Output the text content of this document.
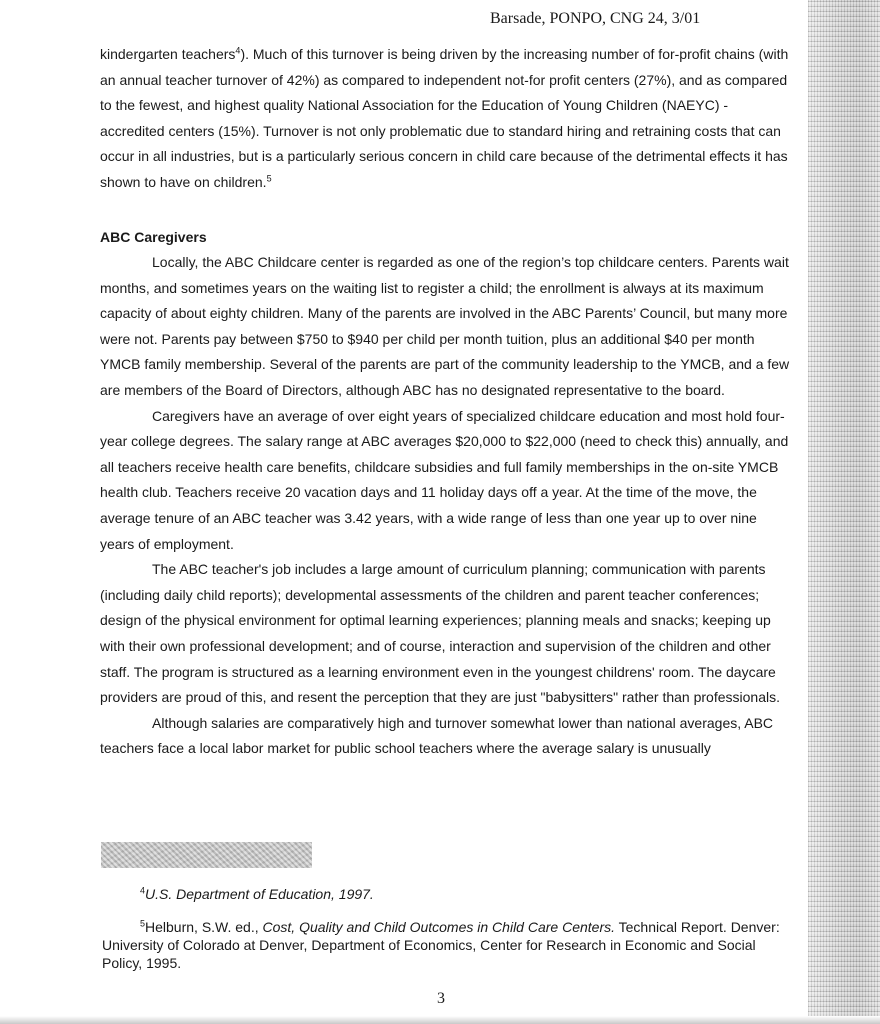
Barsade, PONPO, CNG 24, 3/01

kindergarten teachers$^4$). Much of this turnover is being driven by the increasing number of for-profit chains (with an annual teacher turnover of 42%) as compared to independent not-for profit centers (27%), and as compared to the fewest, and highest quality National Association for the Education of Young Children (NAEYC) -accredited centers (15%). Turnover is not only problematic due to standard hiring and retraining costs that can occur in all industries, but is a particularly serious concern in child care because of the detrimental effects it has shown to have on children.$^5$

ABC Caregivers

Locally, the ABC Childcare center is regarded as one of the region’s top childcare centers. Parents wait months, and sometimes years on the waiting list to register a child; the enrollment is always at its maximum capacity of about eighty children. Many of the parents are involved in the ABC Parents’ Council, but many more were not. Parents pay between $750 to $940 per child per month tuition, plus an additional $40 per month YMCB family membership. Several of the parents are part of the community leadership to the YMCB, and a few are members of the Board of Directors, although ABC has no designated representative to the board.

Caregivers have an average of over eight years of specialized childcare education and most hold four-year college degrees. The salary range at ABC averages $20,000 to $22,000 (need to check this) annually, and all teachers receive health care benefits, childcare subsidies and full family memberships in the on-site YMCB health club. Teachers receive 20 vacation days and 11 holiday days off a year. At the time of the move, the average tenure of an ABC teacher was 3.42 years, with a wide range of less than one year up to over nine years of employment.

The ABC teacher's job includes a large amount of curriculum planning; communication with parents (including daily child reports); developmental assessments of the children and parent teacher conferences; design of the physical environment for optimal learning experiences; planning meals and snacks; keeping up with their own professional development; and of course, interaction and supervision of the children and other staff. The program is structured as a learning environment even in the youngest childrens' room. The daycare providers are proud of this, and resent the perception that they are just "babysitters" rather than professionals.

Although salaries are comparatively high and turnover somewhat lower than national averages, ABC teachers face a local labor market for public school teachers where the average salary is unusually

$^4$U.S. Department of Education, 1997.
$^5$Helburn, S.W. ed., Cost, Quality and Child Outcomes in Child Care Centers. Technical Report. Denver: University of Colorado at Denver, Department of Economics, Center for Research in Economic and Social Policy, 1995.
3
